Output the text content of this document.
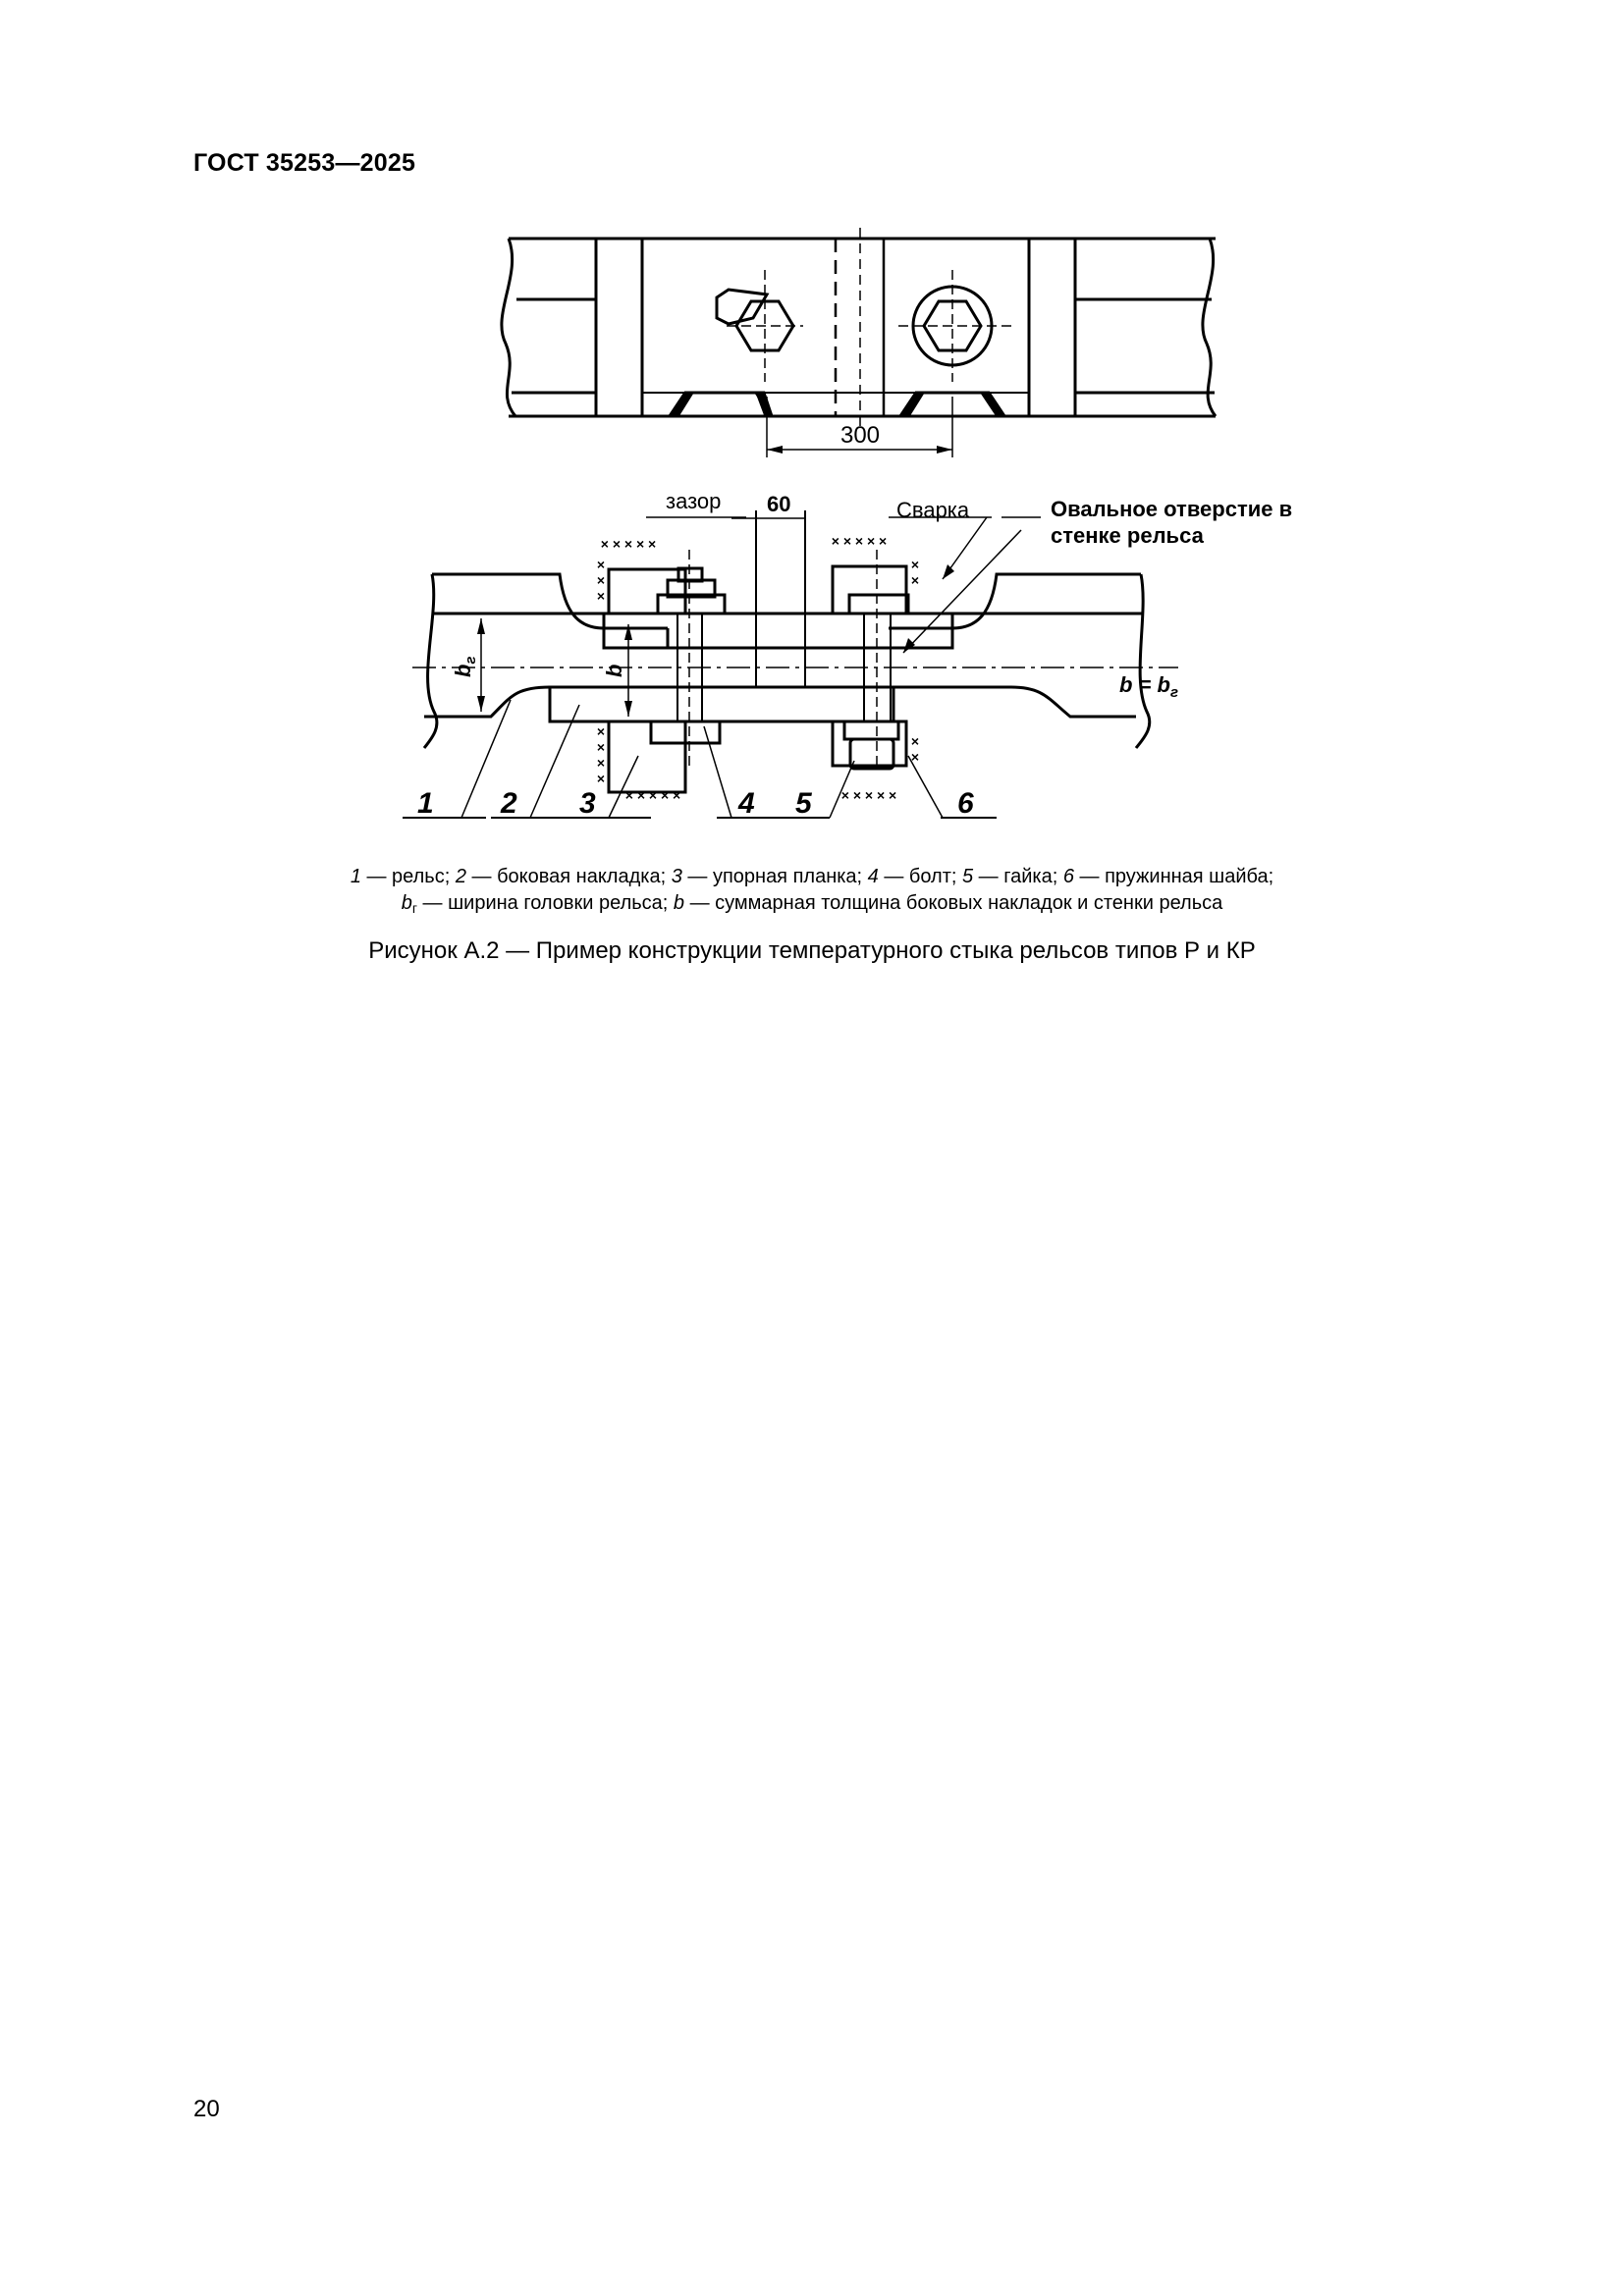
ГОСТ 35253—2025
300
× × × × ×
×
×
×
×
×
×
×
× × × × ×
× × × × ×
×
×
×
×
× × × × ×
зазор 60	Сварка	Овальное отверстие в
стенке рельса
$b_г$
b
$b = b_г$
1 2 3	4 5	6
1 — рельс; 2 — боковая накладка; 3 — упорная планка; 4 — болт; 5 — гайка; 6 — пружинная шайба;
$b_г$ — ширина головки рельса; b — суммарная толщина боковых накладок и стенки рельса
Рисунок А.2 — Пример конструкции температурного стыка рельсов типов Р и КР
20
